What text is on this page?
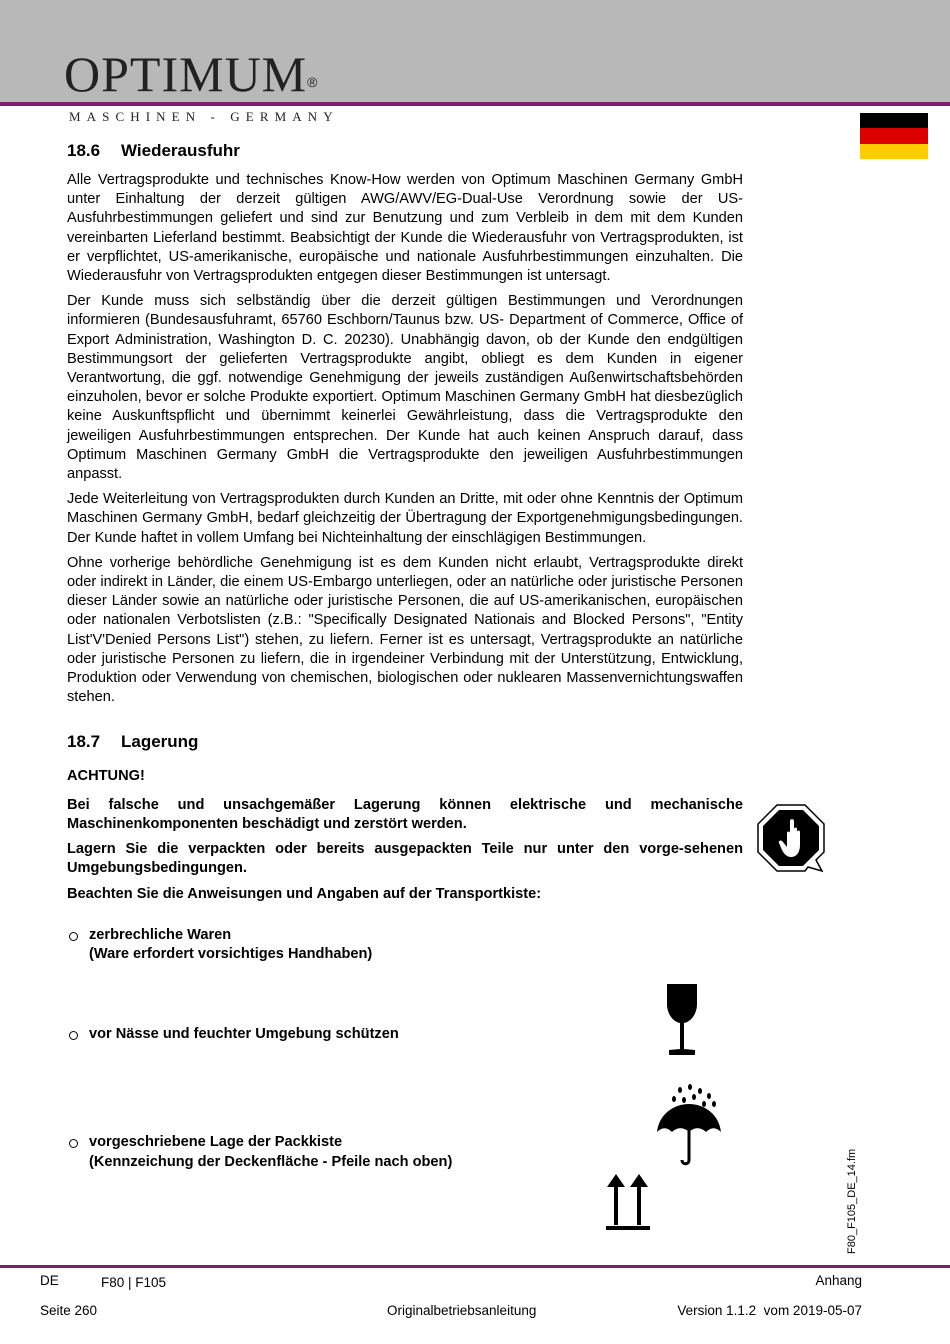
OPTIMUM®
MASCHINEN - GERMANY
18.6 Wiederausfuhr

Alle Vertragsprodukte und technisches Know-How werden von Optimum Maschinen Germany GmbH unter Einhaltung der derzeit gültigen AWG/AWV/EG-Dual-Use Verordnung sowie der US- Ausfuhrbestimmungen geliefert und sind zur Benutzung und zum Verbleib in dem mit dem Kunden vereinbarten Lieferland bestimmt. Beabsichtigt der Kunde die Wiederausfuhr von Vertragsprodukten, ist er verpflichtet, US-amerikanische, europäische und nationale Ausfuhrbestimmungen einzuhalten. Die Wiederausfuhr von Vertragsprodukten entgegen dieser Bestimmungen ist untersagt.

Der Kunde muss sich selbständig über die derzeit gültigen Bestimmungen und Verordnungen informieren (Bundesausfuhramt, 65760 Eschborn/Taunus bzw. US- Department of Commerce, Office of Export Administration, Washington D. C. 20230). Unabhängig davon, ob der Kunde den endgültigen Bestimmungsort der gelieferten Vertragsprodukte angibt, obliegt es dem Kunden in eigener Verantwortung, die ggf. notwendige Genehmigung der jeweils zuständigen Außenwirtschaftsbehörden einzuholen, bevor er solche Produkte exportiert. Optimum Maschinen Germany GmbH hat diesbezüglich keine Auskunftspflicht und übernimmt keinerlei Gewährleistung, dass die Vertragsprodukte den jeweiligen Ausfuhrbestimmungen entsprechen. Der Kunde hat auch keinen Anspruch darauf, dass Optimum Maschinen Germany GmbH die Vertragsprodukte den jeweiligen Ausfuhrbestimmungen anpasst.

Jede Weiterleitung von Vertragsprodukten durch Kunden an Dritte, mit oder ohne Kenntnis der Optimum Maschinen Germany GmbH, bedarf gleichzeitig der Übertragung der Exportgenehmigungsbedingungen. Der Kunde haftet in vollem Umfang bei Nichteinhaltung der einschlägigen Bestimmungen.

Ohne vorherige behördliche Genehmigung ist es dem Kunden nicht erlaubt, Vertragsprodukte direkt oder indirekt in Länder, die einem US-Embargo unterliegen, oder an natürliche oder juristische Personen dieser Länder sowie an natürliche oder juristische Personen, die auf US-amerikanischen, europäischen oder nationalen Verbotslisten (z.B.: "Specifically Designated Nationais and Blocked Persons", "Entity List'V'Denied Persons List") stehen, zu liefern. Ferner ist es untersagt, Vertragsprodukte an natürliche oder juristische Personen zu liefern, die in irgendeiner Verbindung mit der Unterstützung, Entwicklung, Produktion oder Verwendung von chemischen, biologischen oder nuklearen Massenvernichtungswaffen stehen.

18.7 Lagerung

ACHTUNG!

Bei falsche und unsachgemäßer Lagerung können elektrische und mechanische Maschinenkomponenten beschädigt und zerstört werden.

Lagern Sie die verpackten oder bereits ausgepackten Teile nur unter den vorge-sehenen Umgebungsbedingungen.

Beachten Sie die Anweisungen und Angaben auf der Transportkiste:

zerbrechliche Waren
(Ware erfordert vorsichtiges Handhaben)
vor Nässe und feuchter Umgebung schützen
vorgeschriebene Lage der Packkiste
(Kennzeichung der Deckenfläche - Pfeile nach oben)	F80_F105_DE_14.fm
DE	F80 | F105	Anhang
Seite 260	Originalbetriebsanleitung	Version 1.1.2  vom 2019-05-07
